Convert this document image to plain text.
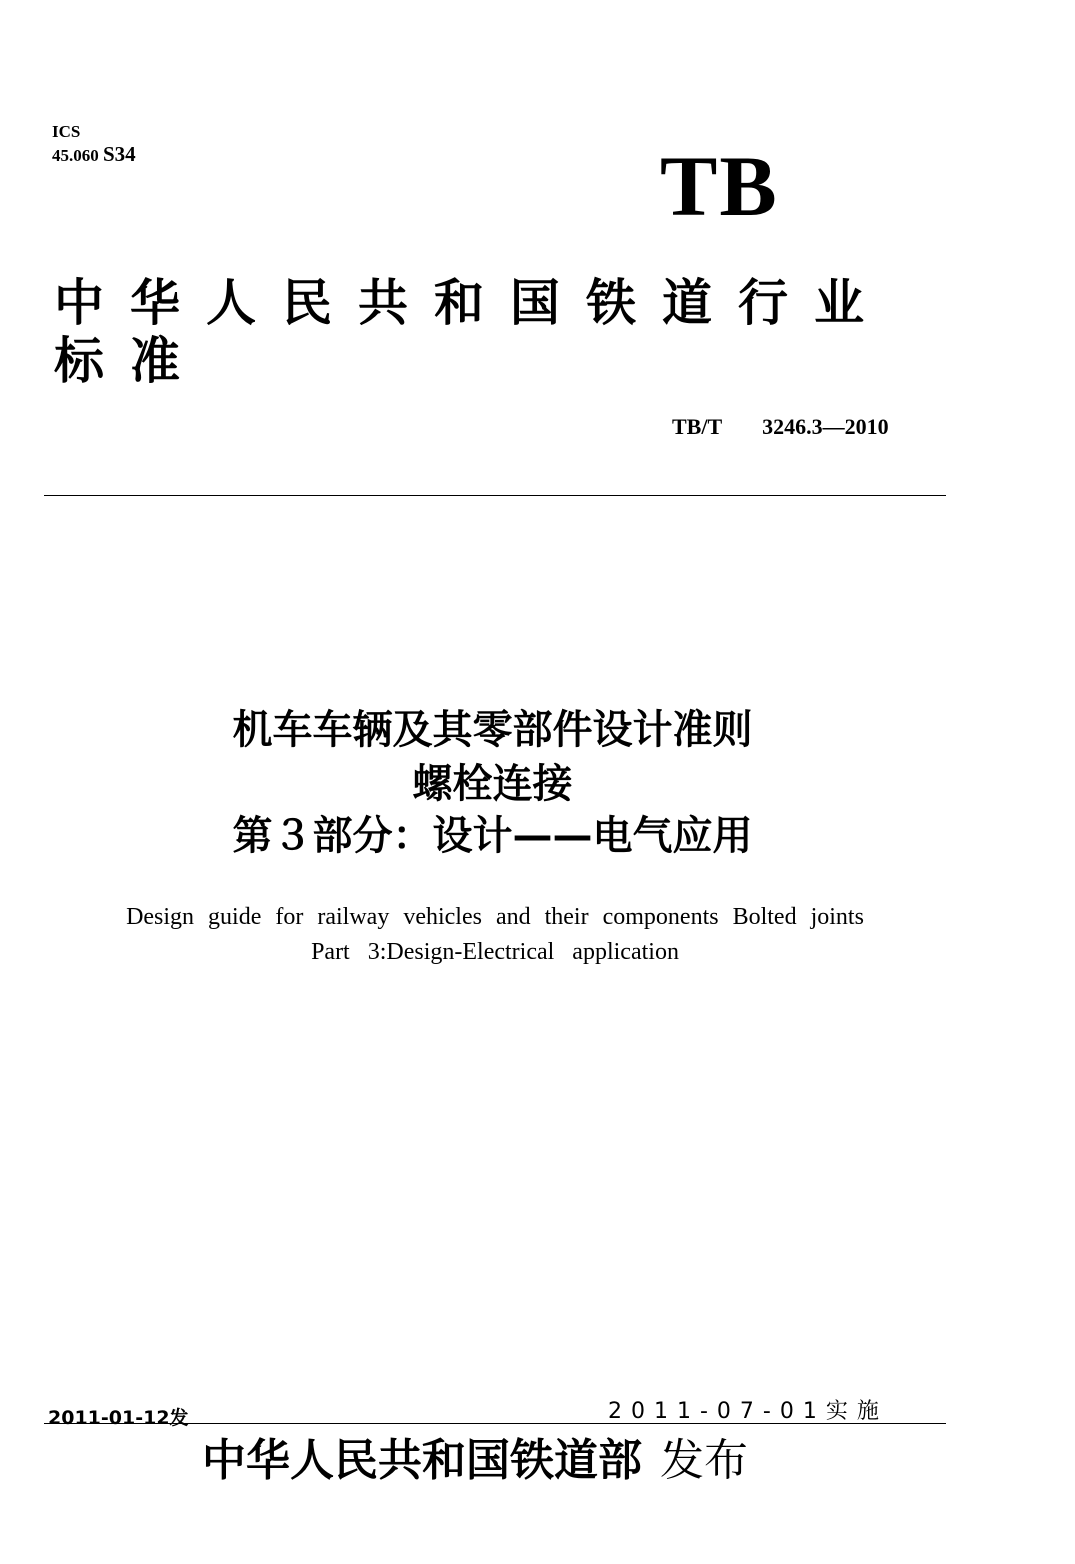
ICS
45.060 S34	TB
中华人民共和国铁道行业
标准
TB/T 3246.3—2010
机车车辆及其零部件设计准则
螺栓连接
第３部分：设计——电气应用
Design guide for railway vehicles and their components Bolted joints
Part 3:Design-Electrical application
2011-01-12发	2011-07-01实施
中华人民共和国铁道部 发布
